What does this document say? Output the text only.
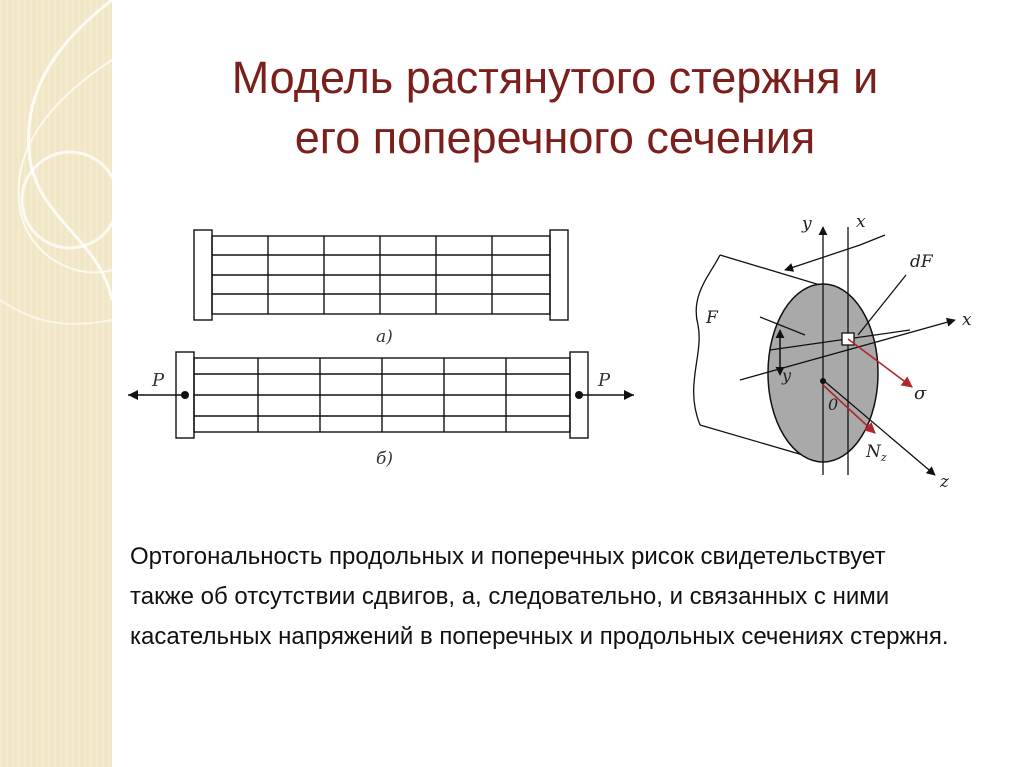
Модель растянутого стержня и
его поперечного сечения
а)
P	P
б)
y	x
dF
F	x
y
σ
0
$N_z$
z
Ортогональность продольных и поперечных рисок свидетельствует также об отсутствии сдвигов, а, следовательно, и связанных с ними касательных напряжений в поперечных и продольных сечениях стержня.
